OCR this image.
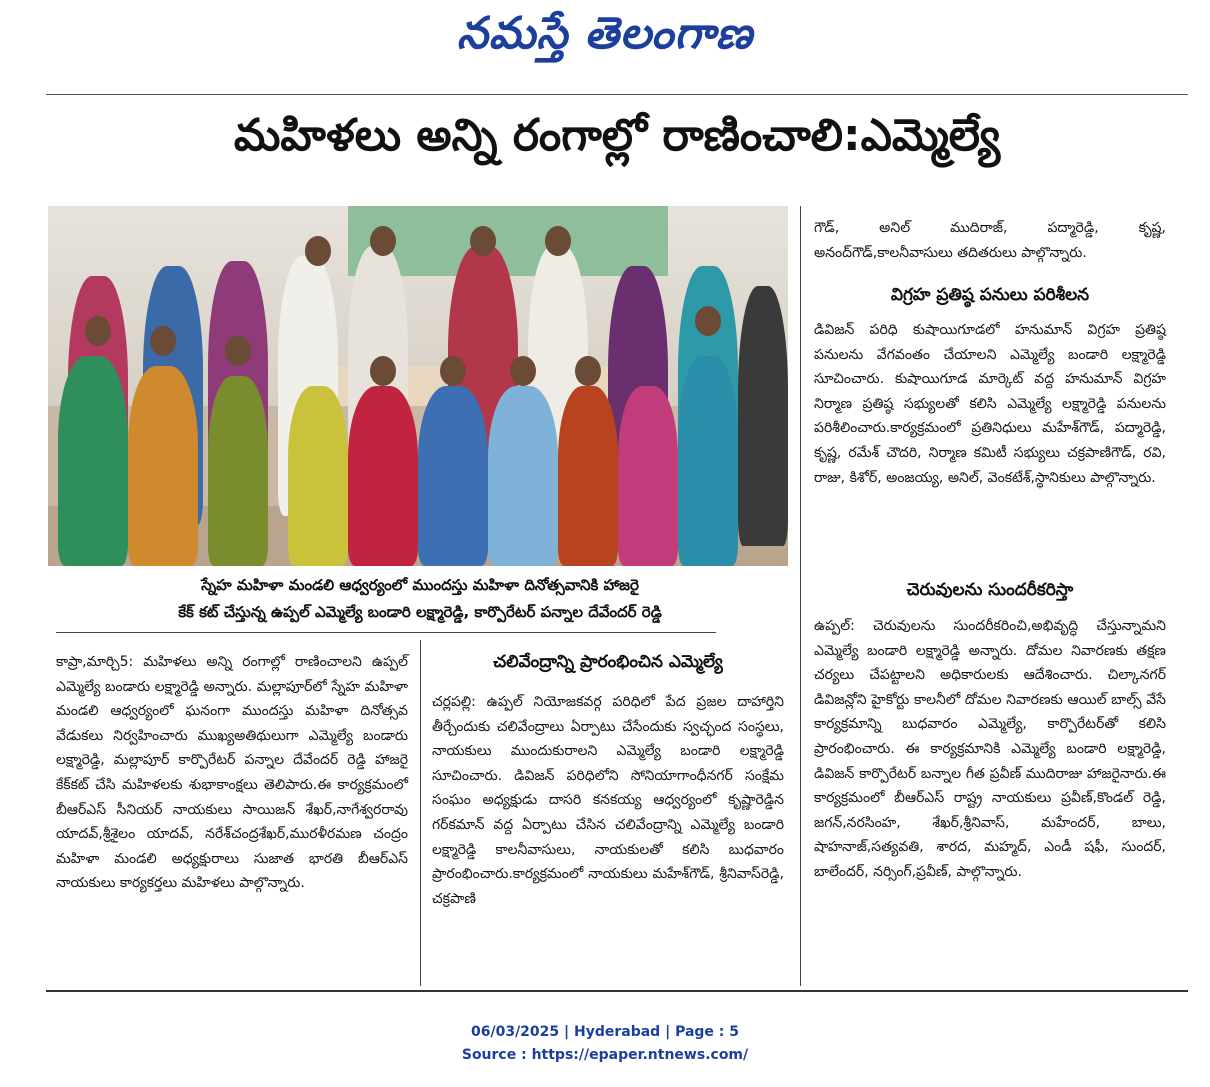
నమస్తే తెలంగాణ
మహిళలు అన్ని రంగాల్లో రాణించాలి:ఎమ్మెల్యే
స్నేహ మహిళా మండలి ఆధ్వర్యంలో ముందస్తు మహిళా దినోత్సవానికి హాజరై
కేక్ కట్ చేస్తున్న ఉప్పల్ ఎమ్మెల్యే బండారి లక్ష్మారెడ్డి, కార్పొరేటర్ పన్నాల దేవేందర్ రెడ్డి

కాప్రా,మార్చి5: మహిళలు అన్ని రంగాల్లో రాణించాలని ఉప్పల్ ఎమ్మెల్యే బండారు లక్ష్మారెడ్డి అన్నారు. మల్లాపూర్‌లో స్నేహ మహిళా మండలి ఆధ్వర్యంలో ఘనంగా ముందస్తు మహిళా దినోత్సవ వేడుకలు నిర్వహించారు ముఖ్యఅతిథులుగా ఎమ్మెల్యే బండారు లక్ష్మారెడ్డి, మల్లాపూర్ కార్పొరేటర్ పన్నాల దేవేందర్ రెడ్డి హాజరై కేక్‌కట్ చేసి మహిళలకు శుభాకాంక్షలు తెలిపారు.ఈ కార్యక్రమంలో బీఆర్ఎస్ సీనియర్ నాయకులు సాయిజన్ శేఖర్,నాగేశ్వరరావు యాదవ్,శ్రీశైలం యాదవ్, నరేశ్‌చంద్రశేఖర్,మురళీరమణ చంద్రం మహిళా మండలి అధ్యక్షురాలు సుజాత భారతి బీఆర్ఎస్ నాయకులు కార్యకర్తలు మహిళలు పాల్గొన్నారు.

చలివేంద్రాన్ని ప్రారంభించిన ఎమ్మెల్యే

చర్లపల్లి: ఉప్పల్ నియోజకవర్గ పరిధిలో పేద ప్రజల దాహార్తిని తీర్చేందుకు చలివేంద్రాలు ఏర్పాటు చేసేందుకు స్వచ్ఛంద సంస్థలు, నాయకులు ముందుకురాలని ఎమ్మెల్యే బండారి లక్ష్మారెడ్డి సూచించారు. డివిజన్ పరిధిలోని సోనియాగాంధీనగర్ సంక్షేమ సంఘం అధ్యక్షుడు దాసరి కనకయ్య ఆధ్వర్యంలో కృష్ణారెడ్డిన గర్‌కమాన్ వద్ద ఏర్పాటు చేసిన చలివేంద్రాన్ని ఎమ్మెల్యే బండారి లక్ష్మారెడ్డి కాలనీవాసులు, నాయకులతో కలిసి బుధవారం ప్రారంభించారు.కార్యక్రమంలో నాయకులు మహేశ్‌గౌడ్, శ్రీనివాస్‌రెడ్డి, చక్రపాణి

గౌడ్, అనిల్ ముదిరాజ్, పద్మారెడ్డి, కృష్ణ, అనంద్‌గౌడ్,కాలనీవాసులు తదితరులు పాల్గొన్నారు.

విగ్రహ ప్రతిష్ఠ పనులు పరిశీలన

డివిజన్ పరిధి కుషాయిగూడలో హనుమాన్ విగ్రహ ప్రతిష్ఠ పనులను వేగవంతం చేయాలని ఎమ్మెల్యే బండారి లక్ష్మారెడ్డి సూచించారు. కుషాయిగూడ మార్కెట్ వద్ద హనుమాన్ విగ్రహ నిర్మాణ ప్రతిష్ఠ సభ్యులతో కలిసి ఎమ్మెల్యే లక్ష్మారెడ్డి పనులను పరిశీలించారు.కార్యక్రమంలో ప్రతినిధులు మహేశ్‌గౌడ్, పద్మారెడ్డి, కృష్ణ, రమేశ్ చౌదరి, నిర్మాణ కమిటీ సభ్యులు చక్రపాణిగౌడ్, రవి, రాజు, కిశోర్, అంజయ్య, అనిల్, వెంకటేశ్,స్థానికులు పాల్గొన్నారు.

చెరువులను సుందరీకరిస్తా

ఉప్పల్: చెరువులను సుందరీకరించి,అభివృద్ధి చేస్తున్నామని ఎమ్మెల్యే బండారి లక్ష్మారెడ్డి అన్నారు. దోమల నివారణకు తక్షణ చర్యలు చేపట్టాలని అధికారులకు ఆదేశించారు. చిల్కానగర్ డివిజన్లోని హైకోర్టు కాలనీలో దోమల నివారణకు ఆయిల్ బాల్స్ వేసే కార్యక్రమాన్ని బుధవారం ఎమ్మెల్యే, కార్పొరేటర్‌తో కలిసి ప్రారంభించారు. ఈ కార్యక్రమానికి ఎమ్మెల్యే బండారి లక్ష్మారెడ్డి, డివిజన్ కార్పొరేటర్ బన్నాల గీత ప్రవీణ్ ముదిరాజు హాజరైనారు.ఈ కార్యక్రమంలో బీఆర్ఎస్ రాష్ట్ర నాయకులు ప్రవీణ్,కొండల్ రెడ్డి, జగన్,నరసింహ, శేఖర్,శ్రీనివాస్, మహేందర్, బాలు, షాహనాజ్,సత్యవతి, శారద, మహ్మద్, ఎండీ షఫీ, సుందర్, బాలేందర్, నర్సింగ్,ప్రవీణ్, పాల్గొన్నారు.

06/03/2025 | Hyderabad | Page : 5
Source : https://epaper.ntnews.com/
